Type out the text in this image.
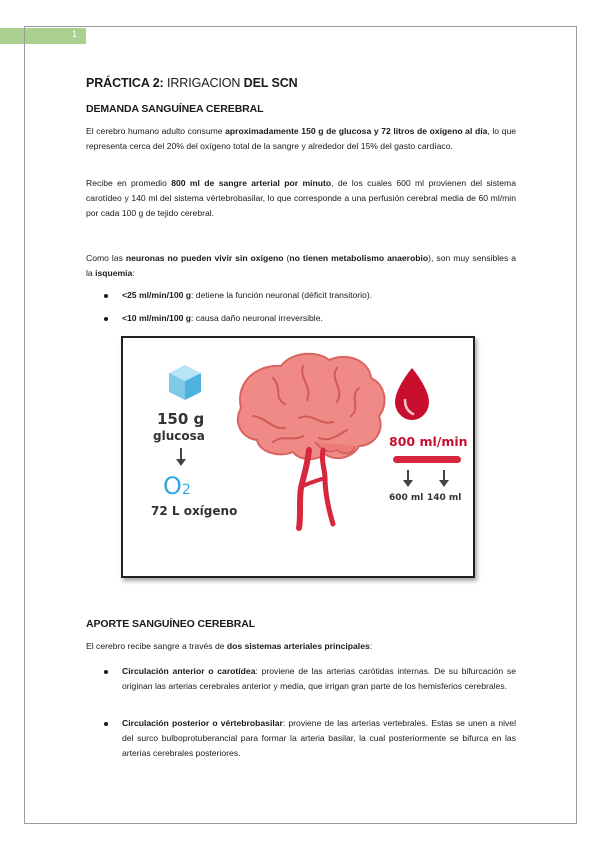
1
PRÁCTICA 2: IRRIGACION DEL SCN
DEMANDA SANGUÍNEA CEREBRAL

El cerebro humano adulto consume aproximadamente 150 g de glucosa y 72 litros de oxígeno al día, lo que representa cerca del 20% del oxígeno total de la sangre y alrededor del 15% del gasto cardíaco.

Recibe en promedio 800 ml de sangre arterial por minuto, de los cuales 600 ml provienen del sistema carotídeo y 140 ml del sistema vértebrobasilar, lo que corresponde a una perfusión cerebral media de 60 ml/min por cada 100 g de tejido cerebral.

Como las neuronas no pueden vivir sin oxígeno (no tienen metabolismo anaerobio), son muy sensibles a la isquemia:

<25 ml/min/100 g: detiene la función neuronal (déficit transitorio).
<10 ml/min/100 g: causa daño neuronal irreversible.
APORTE SANGUÍNEO CEREBRAL

El cerebro recibe sangre a través de dos sistemas arteriales principales:

Circulación anterior o carotídea: proviene de las arterias carótidas internas. De su bifurcación se originan las arterias cerebrales anterior y media, que irrigan gran parte de los hemisferios cerebrales.
Circulación posterior o vértebrobasilar: proviene de las arterias vertebrales. Estas se unen a nivel del surco bulboprotuberancial para formar la arteria basilar, la cual posteriormente se bifurca en las arterias cerebrales posteriores.
150 g
glucosa
O2
72 L oxígeno
800 ml/min
600 ml 140 ml
